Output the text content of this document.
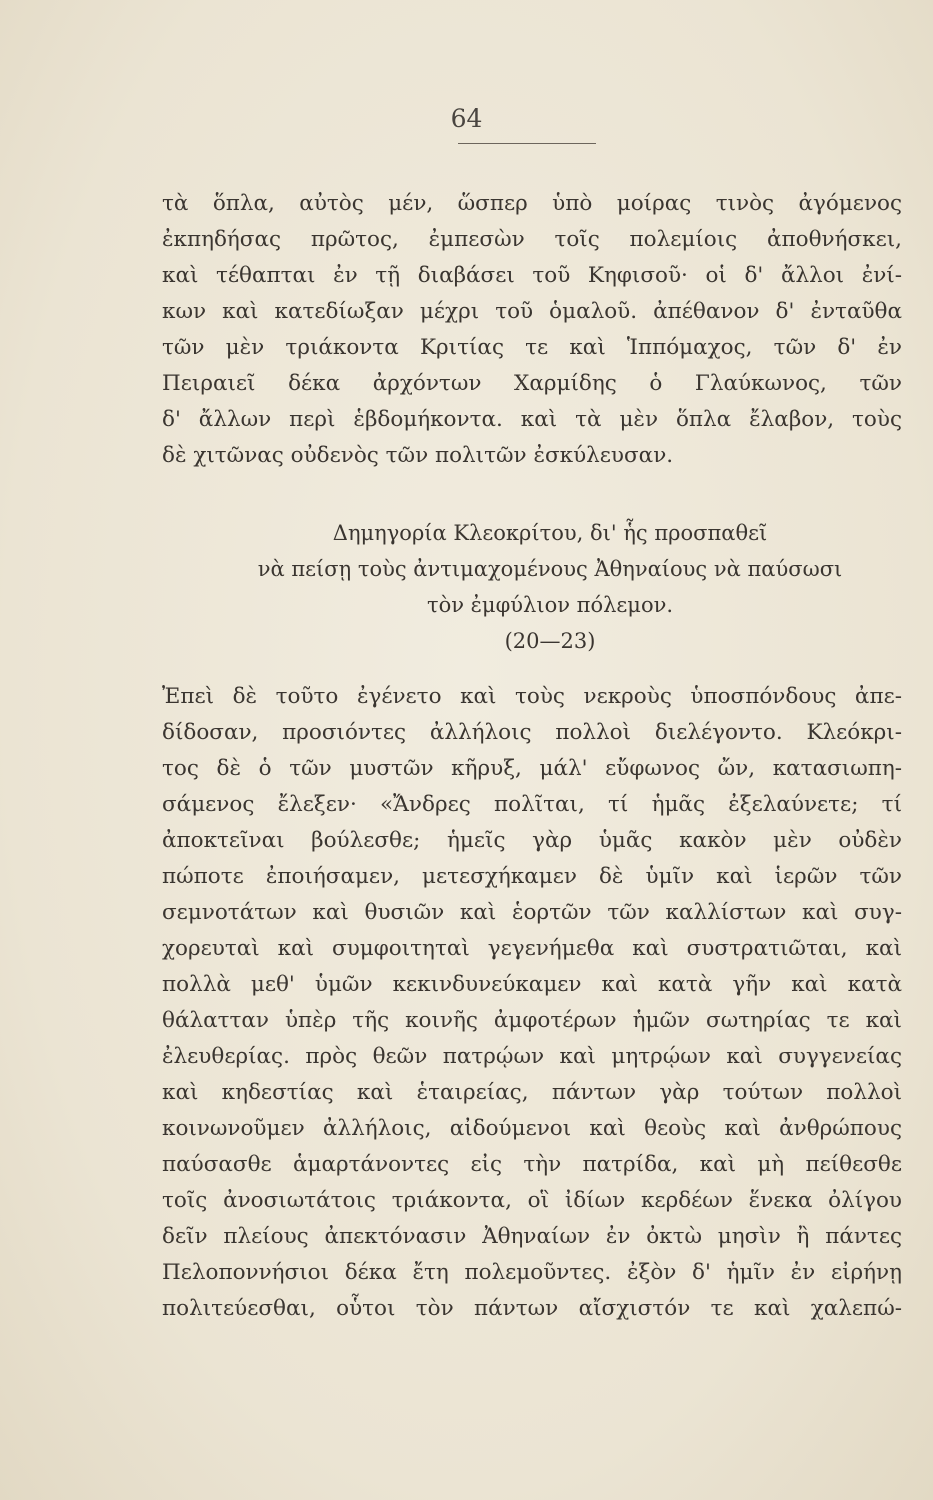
64
τὰ ὅπλα, αὐτὸς μέν, ὥσπερ ὑπὸ μοίρας τινὸς ἀγόμενος
ἐκπηδήσας πρῶτος, ἐμπεσὼν τοῖς πολεμίοις ἀποθνήσκει,
καὶ τέθαπται ἐν τῇ διαβάσει τοῦ Κηφισοῦ· οἱ δ' ἄλλοι ἐνί-
κων καὶ κατεδίωξαν μέχρι τοῦ ὁμαλοῦ. ἀπέθανον δ' ἐνταῦθα
τῶν μὲν τριάκοντα Κριτίας τε καὶ Ἱππόμαχος, τῶν δ' ἐν
Πειραιεῖ δέκα ἀρχόντων Χαρμίδης ὁ Γλαύκωνος, τῶν
δ' ἄλλων περὶ ἑβδομήκοντα. καὶ τὰ μὲν ὅπλα ἔλαβον, τοὺς
δὲ χιτῶνας οὐδενὸς τῶν πολιτῶν ἐσκύλευσαν.
Δημηγορία Κλεοκρίτου, δι' ἧς προσπαθεῖ
νὰ πείσῃ τοὺς ἀντιμαχομένους Ἀθηναίους νὰ παύσωσι
τὸν ἐμφύλιον πόλεμον.
(20—23)
Ἐπεὶ δὲ τοῦτο ἐγένετο καὶ τοὺς νεκροὺς ὑποσπόνδους ἀπε-
δίδοσαν, προσιόντες ἀλλήλοις πολλοὶ διελέγοντο. Κλεόκρι-
τος δὲ ὁ τῶν μυστῶν κῆρυξ, μάλ' εὔφωνος ὤν, κατασιωπη-
σάμενος ἔλεξεν· «Ἄνδρες πολῖται, τί ἡμᾶς ἐξελαύνετε; τί
ἀποκτεῖναι βούλεσθε; ἡμεῖς γὰρ ὑμᾶς κακὸν μὲν οὐδὲν
πώποτε ἐποιήσαμεν, μετεσχήκαμεν δὲ ὑμῖν καὶ ἱερῶν τῶν
σεμνοτάτων καὶ θυσιῶν καὶ ἑορτῶν τῶν καλλίστων καὶ συγ-
χορευταὶ καὶ συμφοιτηταὶ γεγενήμεθα καὶ συστρατιῶται, καὶ
πολλὰ μεθ' ὑμῶν κεκινδυνεύκαμεν καὶ κατὰ γῆν καὶ κατὰ
θάλατταν ὑπὲρ τῆς κοινῆς ἀμφοτέρων ἡμῶν σωτηρίας τε καὶ
ἐλευθερίας. πρὸς θεῶν πατρῴων καὶ μητρῴων καὶ συγγενείας
καὶ κηδεστίας καὶ ἑταιρείας, πάντων γὰρ τούτων πολλοὶ
κοινωνοῦμεν ἀλλήλοις, αἰδούμενοι καὶ θεοὺς καὶ ἀνθρώπους
παύσασθε ἁμαρτάνοντες εἰς τὴν πατρίδα, καὶ μὴ πείθεσθε
τοῖς ἀνοσιωτάτοις τριάκοντα, οἳ ἰδίων κερδέων ἕνεκα ὀλίγου
δεῖν πλείους ἀπεκτόνασιν Ἀθηναίων ἐν ὀκτὼ μησὶν ἢ πάντες
Πελοποννήσιοι δέκα ἔτη πολεμοῦντες. ἐξὸν δ' ἡμῖν ἐν εἰρήνῃ
πολιτεύεσθαι, οὗτοι τὸν πάντων αἴσχιστόν τε καὶ χαλεπώ-
